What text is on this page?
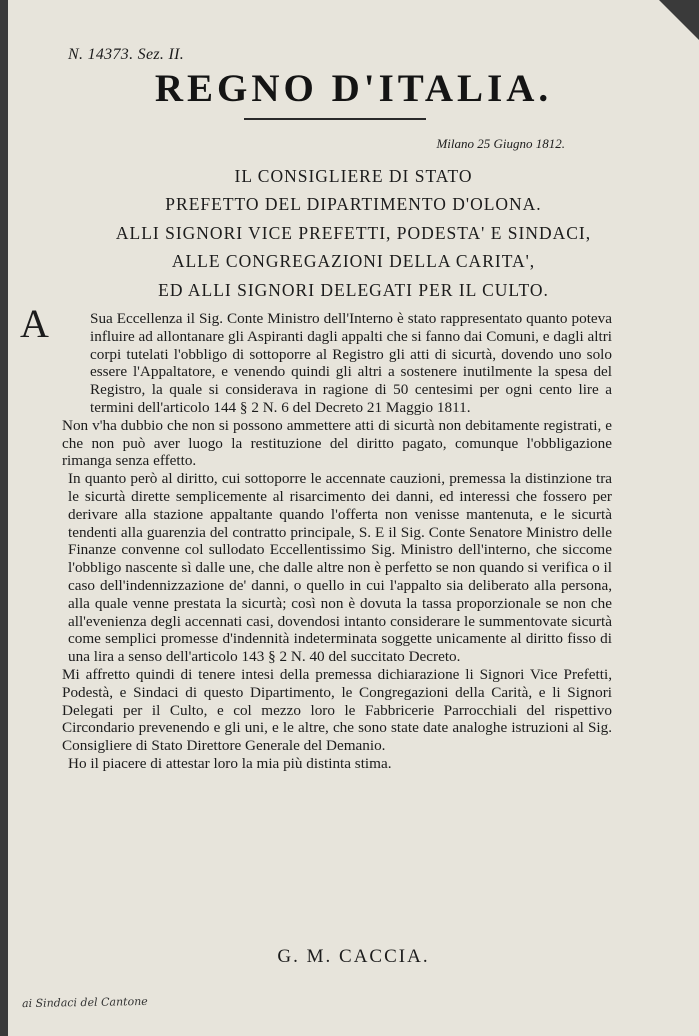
N. 14373. Sez. II.
REGNO D'ITALIA.
Milano 25 Giugno 1812.
IL CONSIGLIERE DI STATO
PREFETTO DEL DIPARTIMENTO D'OLONA.
ALLI SIGNORI VICE PREFETTI, PODESTA' E SINDACI,
ALLE CONGREGAZIONI DELLA CARITA',
ED ALLI SIGNORI DELEGATI PER IL CULTO.
A	Sua Eccellenza il Sig. Conte Ministro dell'Interno è stato rappresentato quanto poteva influire ad allontanare gli Aspiranti dagli appalti che si fanno dai Comuni, e dagli altri corpi tutelati l'obbligo di sottoporre al Registro gli atti di sicurtà, dovendo uno solo essere l'Appaltatore, e venendo quindi gli altri a sostenere inutilmente la spesa del Registro, la quale si considerava in ragione di 50 centesimi per ogni cento lire a termini dell'articolo 144 § 2 N. 6 del Decreto 21 Maggio 1811.

Non v'ha dubbio che non si possono ammettere atti di sicurtà non debitamente registrati, e che non può aver luogo la restituzione del diritto pagato, comunque l'obbligazione rimanga senza effetto.

In quanto però al diritto, cui sottoporre le accennate cauzioni, premessa la distinzione tra le sicurtà dirette semplicemente al risarcimento dei danni, ed interessi che fossero per derivare alla stazione appaltante quando l'offerta non venisse mantenuta, e le sicurtà tendenti alla guarenzia del contratto principale, S. E il Sig. Conte Senatore Ministro delle Finanze convenne col sullodato Eccellentissimo Sig. Ministro dell'interno, che siccome l'obbligo nascente sì dalle une, che dalle altre non è perfetto se non quando si verifica o il caso dell'indennizzazione de' danni, o quello in cui l'appalto sia deliberato alla persona, alla quale venne prestata la sicurtà; così non è dovuta la tassa proporzionale se non che all'evenienza degli accennati casi, dovendosi intanto considerare le summentovate sicurtà come semplici promesse d'indennità indeterminata soggette unicamente al diritto fisso di una lira a senso dell'articolo 143 § 2 N. 40 del succitato Decreto.

Mi affretto quindi di tenere intesi della premessa dichiarazione li Signori Vice Prefetti, Podestà, e Sindaci di questo Dipartimento, le Congregazioni della Carità, e li Signori Delegati per il Culto, e col mezzo loro le Fabbricerie Parrocchiali del rispettivo Circondario prevenendo e gli uni, e le altre, che sono state date analoghe istruzioni al Sig. Consigliere di Stato Direttore Generale del Demanio.

Ho il piacere di attestar loro la mia più distinta stima.

G. M. CACCIA.
ai Sindaci del Cantone
